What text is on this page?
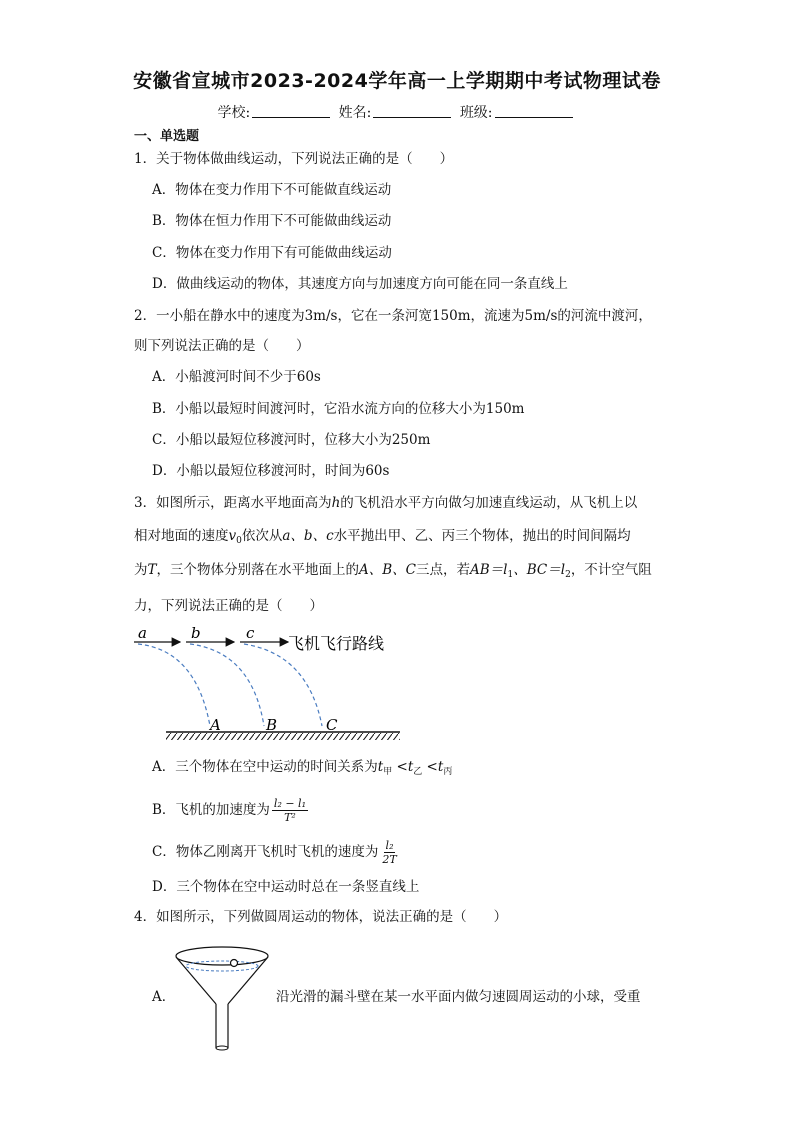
安徽省宣城市2023-2024学年高一上学期期中考试物理试卷
学校:	姓名:	班级:
一、单选题
1．关于物体做曲线运动，下列说法正确的是（　　）
A．物体在变力作用下不可能做直线运动
B．物体在恒力作用下不可能做曲线运动
C．物体在变力作用下有可能做曲线运动
D．做曲线运动的物体，其速度方向与加速度方向可能在同一条直线上
2．一小船在静水中的速度为3m/s，它在一条河宽150m，流速为5m/s的河流中渡河，
则下列说法正确的是（　　）
A．小船渡河时间不少于60s
B．小船以最短时间渡河时，它沿水流方向的位移大小为150m
C．小船以最短位移渡河时，位移大小为250m
D．小船以最短位移渡河时，时间为60s
3．如图所示，距离水平地面高为h的飞机沿水平方向做匀加速直线运动，从飞机上以
相对地面的速度$v_0$依次从a、b、c水平抛出甲、乙、丙三个物体，抛出的时间间隔均
为T，三个物体分别落在水平地面上的A、B、C三点，若$AB=l_1$、$BC=l_2$，不计空气阻
力，下列说法正确的是（　　）
a	b	c
飞机飞行路线
A	B	C
A．三个物体在空中运动的时间关系为$t_甲 <t_乙 <t_丙$
B．飞机的加速度为 $\frac{\text{l₂ − l₁}}{\text{T²}}$
C．物体乙刚离开飞机时飞机的速度为 $\frac{\text{l₂}}{2T}$
D．三个物体在空中运动时总在一条竖直线上
4．如图所示，下列做圆周运动的物体，说法正确的是（　　）
A．	沿光滑的漏斗壁在某一水平面内做匀速圆周运动的小球，受重
